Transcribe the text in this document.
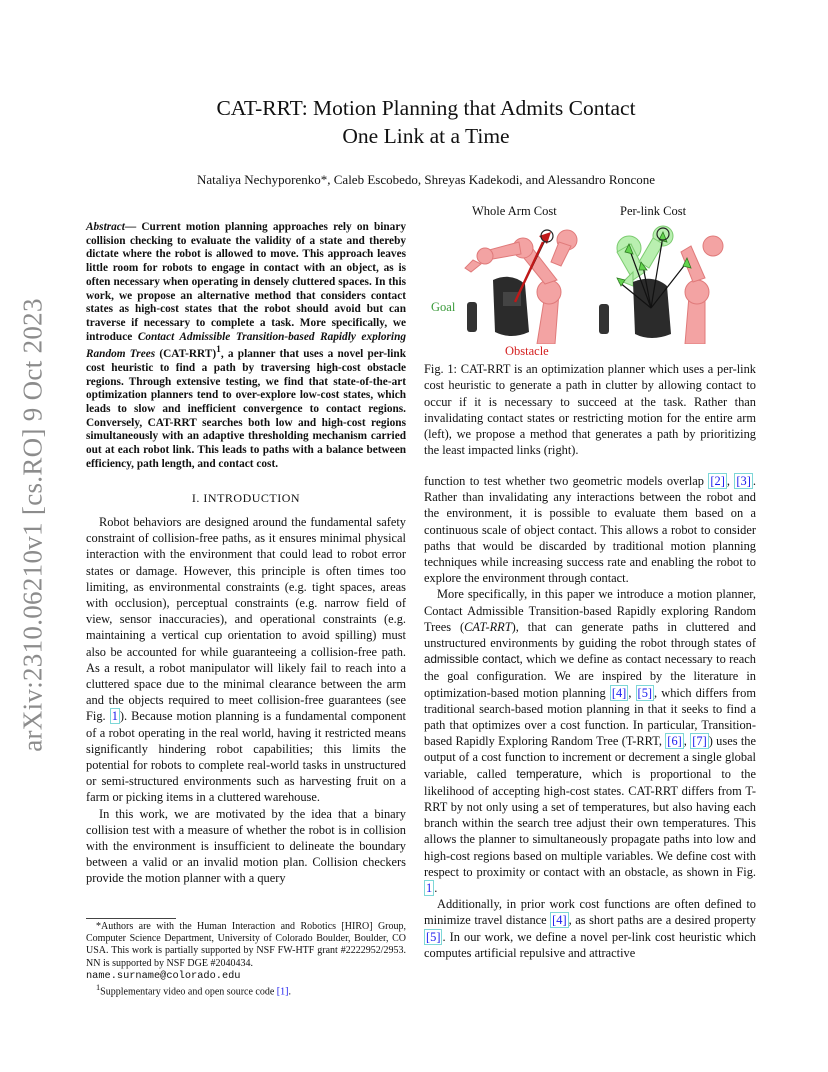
arXiv:2310.06210v1 [cs.RO] 9 Oct 2023
CAT-RRT: Motion Planning that Admits Contact
One Link at a Time
Nataliya Nechyporenko*, Caleb Escobedo, Shreyas Kadekodi, and Alessandro Roncone

Abstract— Current motion planning approaches rely on binary collision checking to evaluate the validity of a state and thereby dictate where the robot is allowed to move. This approach leaves little room for robots to engage in contact with an object, as is often necessary when operating in densely cluttered spaces. In this work, we propose an alternative method that considers contact states as high-cost states that the robot should avoid but can traverse if necessary to complete a task. More specifically, we introduce Contact Admissible Transition-based Rapidly exploring Random Trees $(CAT-RRT)^1$, a planner that uses a novel per-link cost heuristic to find a path by traversing high-cost obstacle regions. Through extensive testing, we find that state-of-the-art optimization planners tend to over-explore low-cost states, which leads to slow and inefficient convergence to contact regions. Conversely, CAT-RRT searches both low and high-cost regions simultaneously with an adaptive thresholding mechanism carried out at each robot link. This leads to paths with a balance between efficiency, path length, and contact cost.

I. INTRODUCTION

Robot behaviors are designed around the fundamental safety constraint of collision-free paths, as it ensures minimal physical interaction with the environment that could lead to robot error states or damage. However, this principle is often times too limiting, as environmental constraints (e.g. tight spaces, areas with occlusion), perceptual constraints (e.g. narrow field of view, sensor inaccuracies), and operational constraints (e.g. maintaining a vertical cup orientation to avoid spilling) must also be accounted for while guaranteeing a collision-free path. As a result, a robot manipulator will likely fail to reach into a cluttered space due to the minimal clearance between the arm and the objects required to meet collision-free guarantees (see Fig. 1 ). Because motion planning is a fundamental component of a robot operating in the real world, having it restricted means significantly hindering robot capabilities; this limits the potential for robots to complete real-world tasks in unstructured or semi-structured environments such as harvesting fruit on a farm or picking items in a cluttered warehouse.

In this work, we are motivated by the idea that a binary collision test with a measure of whether the robot is in collision with the environment is insufficient to delineate the boundary between a valid or an invalid motion plan. Collision checkers provide the motion planner with a query

*Authors are with the Human Interaction and Robotics [HIRO] Group, Computer Science Department, University of Colorado Boulder, Boulder, CO USA. This work is partially supported by NSF FW-HTF grant #2222952/2953. NN is supported by NSF DGE #2040434.
name.surname@colorado.edu
$^1$Supplementary video and open source code [ 1 ] .
Whole Arm Cost	Per-link Cost
Goal
Obstacle
Fig. 1: CAT-RRT is an optimization planner which uses a per-link cost heuristic to generate a path in clutter by allowing contact to occur if it is necessary to succeed at the task. Rather than invalidating contact states or restricting motion for the entire arm (left), we propose a method that generates a path by prioritizing the least impacted links (right).

function to test whether two geometric models overlap [ 2 ] , [ 3 ] . Rather than invalidating any interactions between the robot and the environment, it is possible to evaluate them based on a continuous scale of object contact. This allows a robot to consider paths that would be discarded by traditional motion planning techniques while increasing success rate and enabling the robot to explore the environment through contact.

More specifically, in this paper we introduce a motion planner, Contact Admissible Transition-based Rapidly exploring Random Trees (CAT-RRT), that can generate paths in cluttered and unstructured environments by guiding the robot through states of admissible contact, which we define as contact necessary to reach the goal configuration. We are inspired by the literature in optimization-based motion planning [ 4 ] , [ 5 ] , which differs from traditional search-based motion planning in that it seeks to find a path that optimizes over a cost function. In particular, Transition-based Rapidly Exploring Random Tree (T-RRT, [ 6 ] , [ 7 ] ) uses the output of a cost function to increment or decrement a single global variable, called temperature, which is proportional to the likelihood of accepting high-cost states. CAT-RRT differs from T-RRT by not only using a set of temperatures, but also having each branch within the search tree adjust their own temperatures. This allows the planner to simultaneously propagate paths into low and high-cost regions based on multiple variables. We define cost with respect to proximity or contact with an obstacle, as shown in Fig. 1 .

Additionally, in prior work cost functions are often defined to minimize travel distance [ 4 ] , as short paths are a desired property [ 5 ] . In our work, we define a novel per-link cost heuristic which computes artificial repulsive and attractive
